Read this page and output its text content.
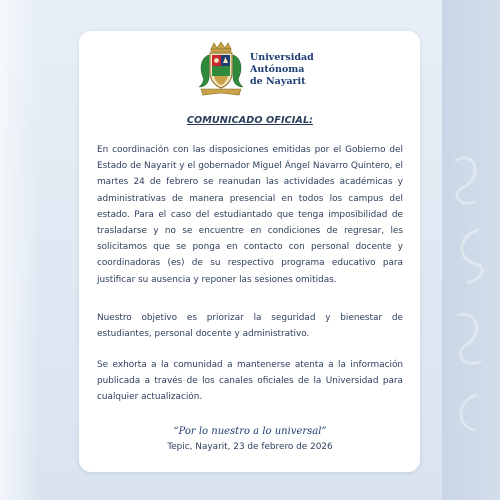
Universidad
Autónoma
de Nayarit
COMUNICADO OFICIAL:

En coordinación con las disposiciones emitidas por el Gobierno del Estado de Nayarit y el gobernador Miguel Ángel Navarro Quintero, el martes 24 de febrero se reanudan las actividades académicas y administrativas de manera presencial en todos los campus del estado. Para el caso del estudiantado que tenga imposibilidad de trasladarse y no se encuentre en condiciones de regresar, les solicitamos que se ponga en contacto con personal docente y coordinadoras (es) de su respectivo programa educativo para justificar su ausencia y reponer las sesiones omitidas.

Nuestro objetivo es priorizar la seguridad y bienestar de estudiantes, personal docente y administrativo.

Se exhorta a la comunidad a mantenerse atenta a la información publicada a través de los canales oficiales de la Universidad para cualquier actualización.

“Por lo nuestro a lo universal”
Tepic, Nayarit, 23 de febrero de 2026
